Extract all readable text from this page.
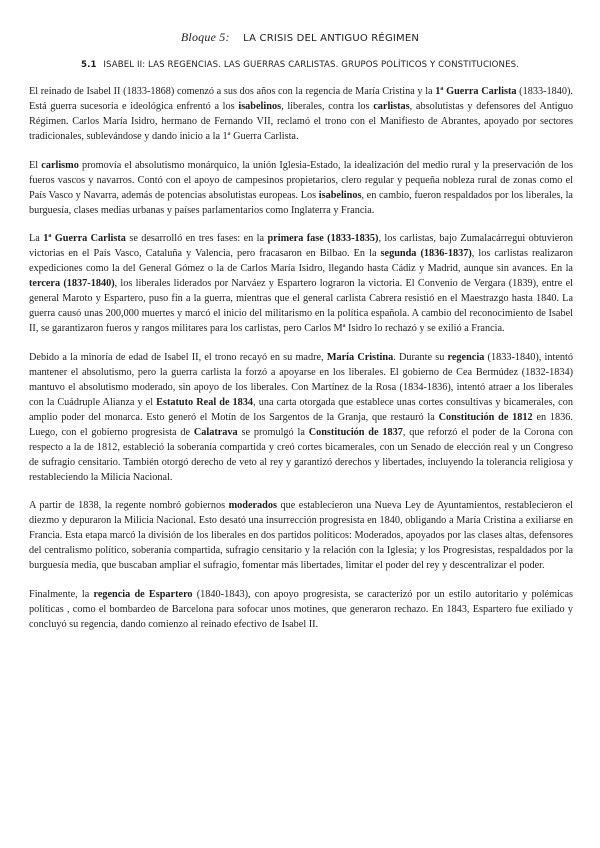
Bloque 5: LA CRISIS DEL ANTIGUO RÉGIMEN
5.1 ISABEL II: LAS REGENCIAS. LAS GUERRAS CARLISTAS. GRUPOS POLÍTICOS Y CONSTITUCIONES.

El reinado de Isabel II (1833-1868) comenzó a sus dos años con la regencia de María Cristina y la 1ª Guerra Carlista (1833-1840). Está guerra sucesoria e ideológica enfrentó a los isabelinos, liberales, contra los carlistas, absolutistas y defensores del Antiguo Régimen. Carlos María Isidro, hermano de Fernando VII, reclamó el trono con el Manifiesto de Abrantes, apoyado por sectores tradicionales, sublevándose y dando inicio a la 1ª Guerra Carlista.

El carlismo promovía el absolutismo monárquico, la unión Iglesia-Estado, la idealización del medio rural y la preservación de los fueros vascos y navarros. Contó con el apoyo de campesinos propietarios, clero regular y pequeña nobleza rural de zonas como el País Vasco y Navarra, además de potencias absolutistas europeas. Los isabelinos, en cambio, fueron respaldados por los liberales, la burguesía, clases medias urbanas y países parlamentarios como Inglaterra y Francia.

La 1ª Guerra Carlista se desarrolló en tres fases: en la primera fase (1833-1835), los carlistas, bajo Zumalacárregui obtuvieron victorias en el País Vasco, Cataluña y Valencia, pero fracasaron en Bilbao. En la segunda (1836-1837), los carlistas realizaron expediciones como la del General Gómez o la de Carlos María Isidro, llegando hasta Cádiz y Madrid, aunque sin avances. En la tercera (1837-1840), los liberales liderados por Narváez y Espartero lograron la victoria. El Convenio de Vergara (1839), entre el general Maroto y Espartero, puso fin a la guerra, mientras que el general carlista Cabrera resistió en el Maestrazgo hasta 1840. La guerra causó unas 200,000 muertes y marcó el inicio del militarismo en la política española. A cambio del reconocimiento de Isabel II, se garantizaron fueros y rangos militares para los carlistas, pero Carlos Mª Isidro lo rechazó y se exilió a Francia.

Debido a la minoría de edad de Isabel II, el trono recayó en su madre, María Cristina. Durante su regencia (1833-1840), intentó mantener el absolutismo, pero la guerra carlista la forzó a apoyarse en los liberales. El gobierno de Cea Bermúdez (1832-1834) mantuvo el absolutismo moderado, sin apoyo de los liberales. Con Martínez de la Rosa (1834-1836), intentó atraer a los liberales con la Cuádruple Alianza y el Estatuto Real de 1834, una carta otorgada que establece unas cortes consultivas y bicamerales, con amplio poder del monarca. Esto generó el Motín de los Sargentos de la Granja, que restauró la Constitución de 1812 en 1836. Luego, con el gobierno progresista de Calatrava se promulgó la Constitución de 1837, que reforzó el poder de la Corona con respecto a la de 1812, estableció la soberanía compartida y creó cortes bicamerales, con un Senado de elección real y un Congreso de sufragio censitario. También otorgó derecho de veto al rey y garantizó derechos y libertades, incluyendo la tolerancia religiosa y restableciendo la Milicia Nacional.

A partir de 1838, la regente nombró gobiernos moderados que establecieron una Nueva Ley de Ayuntamientos, restablecieron el diezmo y depuraron la Milicia Nacional. Esto desató una insurrección progresista en 1840, obligando a María Cristina a exiliarse en Francia. Esta etapa marcó la división de los liberales en dos partidos políticos: Moderados, apoyados por las clases altas, defensores del centralismo político, soberanía compartida, sufragio censitario y la relación con la Iglesia; y los Progresistas, respaldados por la burguesía media, que buscaban ampliar el sufragio, fomentar más libertades, limitar el poder del rey y descentralizar el poder.

Finalmente, la regencia de Espartero (1840-1843), con apoyo progresista, se caracterizó por un estilo autoritario y polémicas políticas , como el bombardeo de Barcelona para sofocar unos motines, que generaron rechazo. En 1843, Espartero fue exiliado y concluyó su regencia, dando comienzo al reinado efectivo de Isabel II.
